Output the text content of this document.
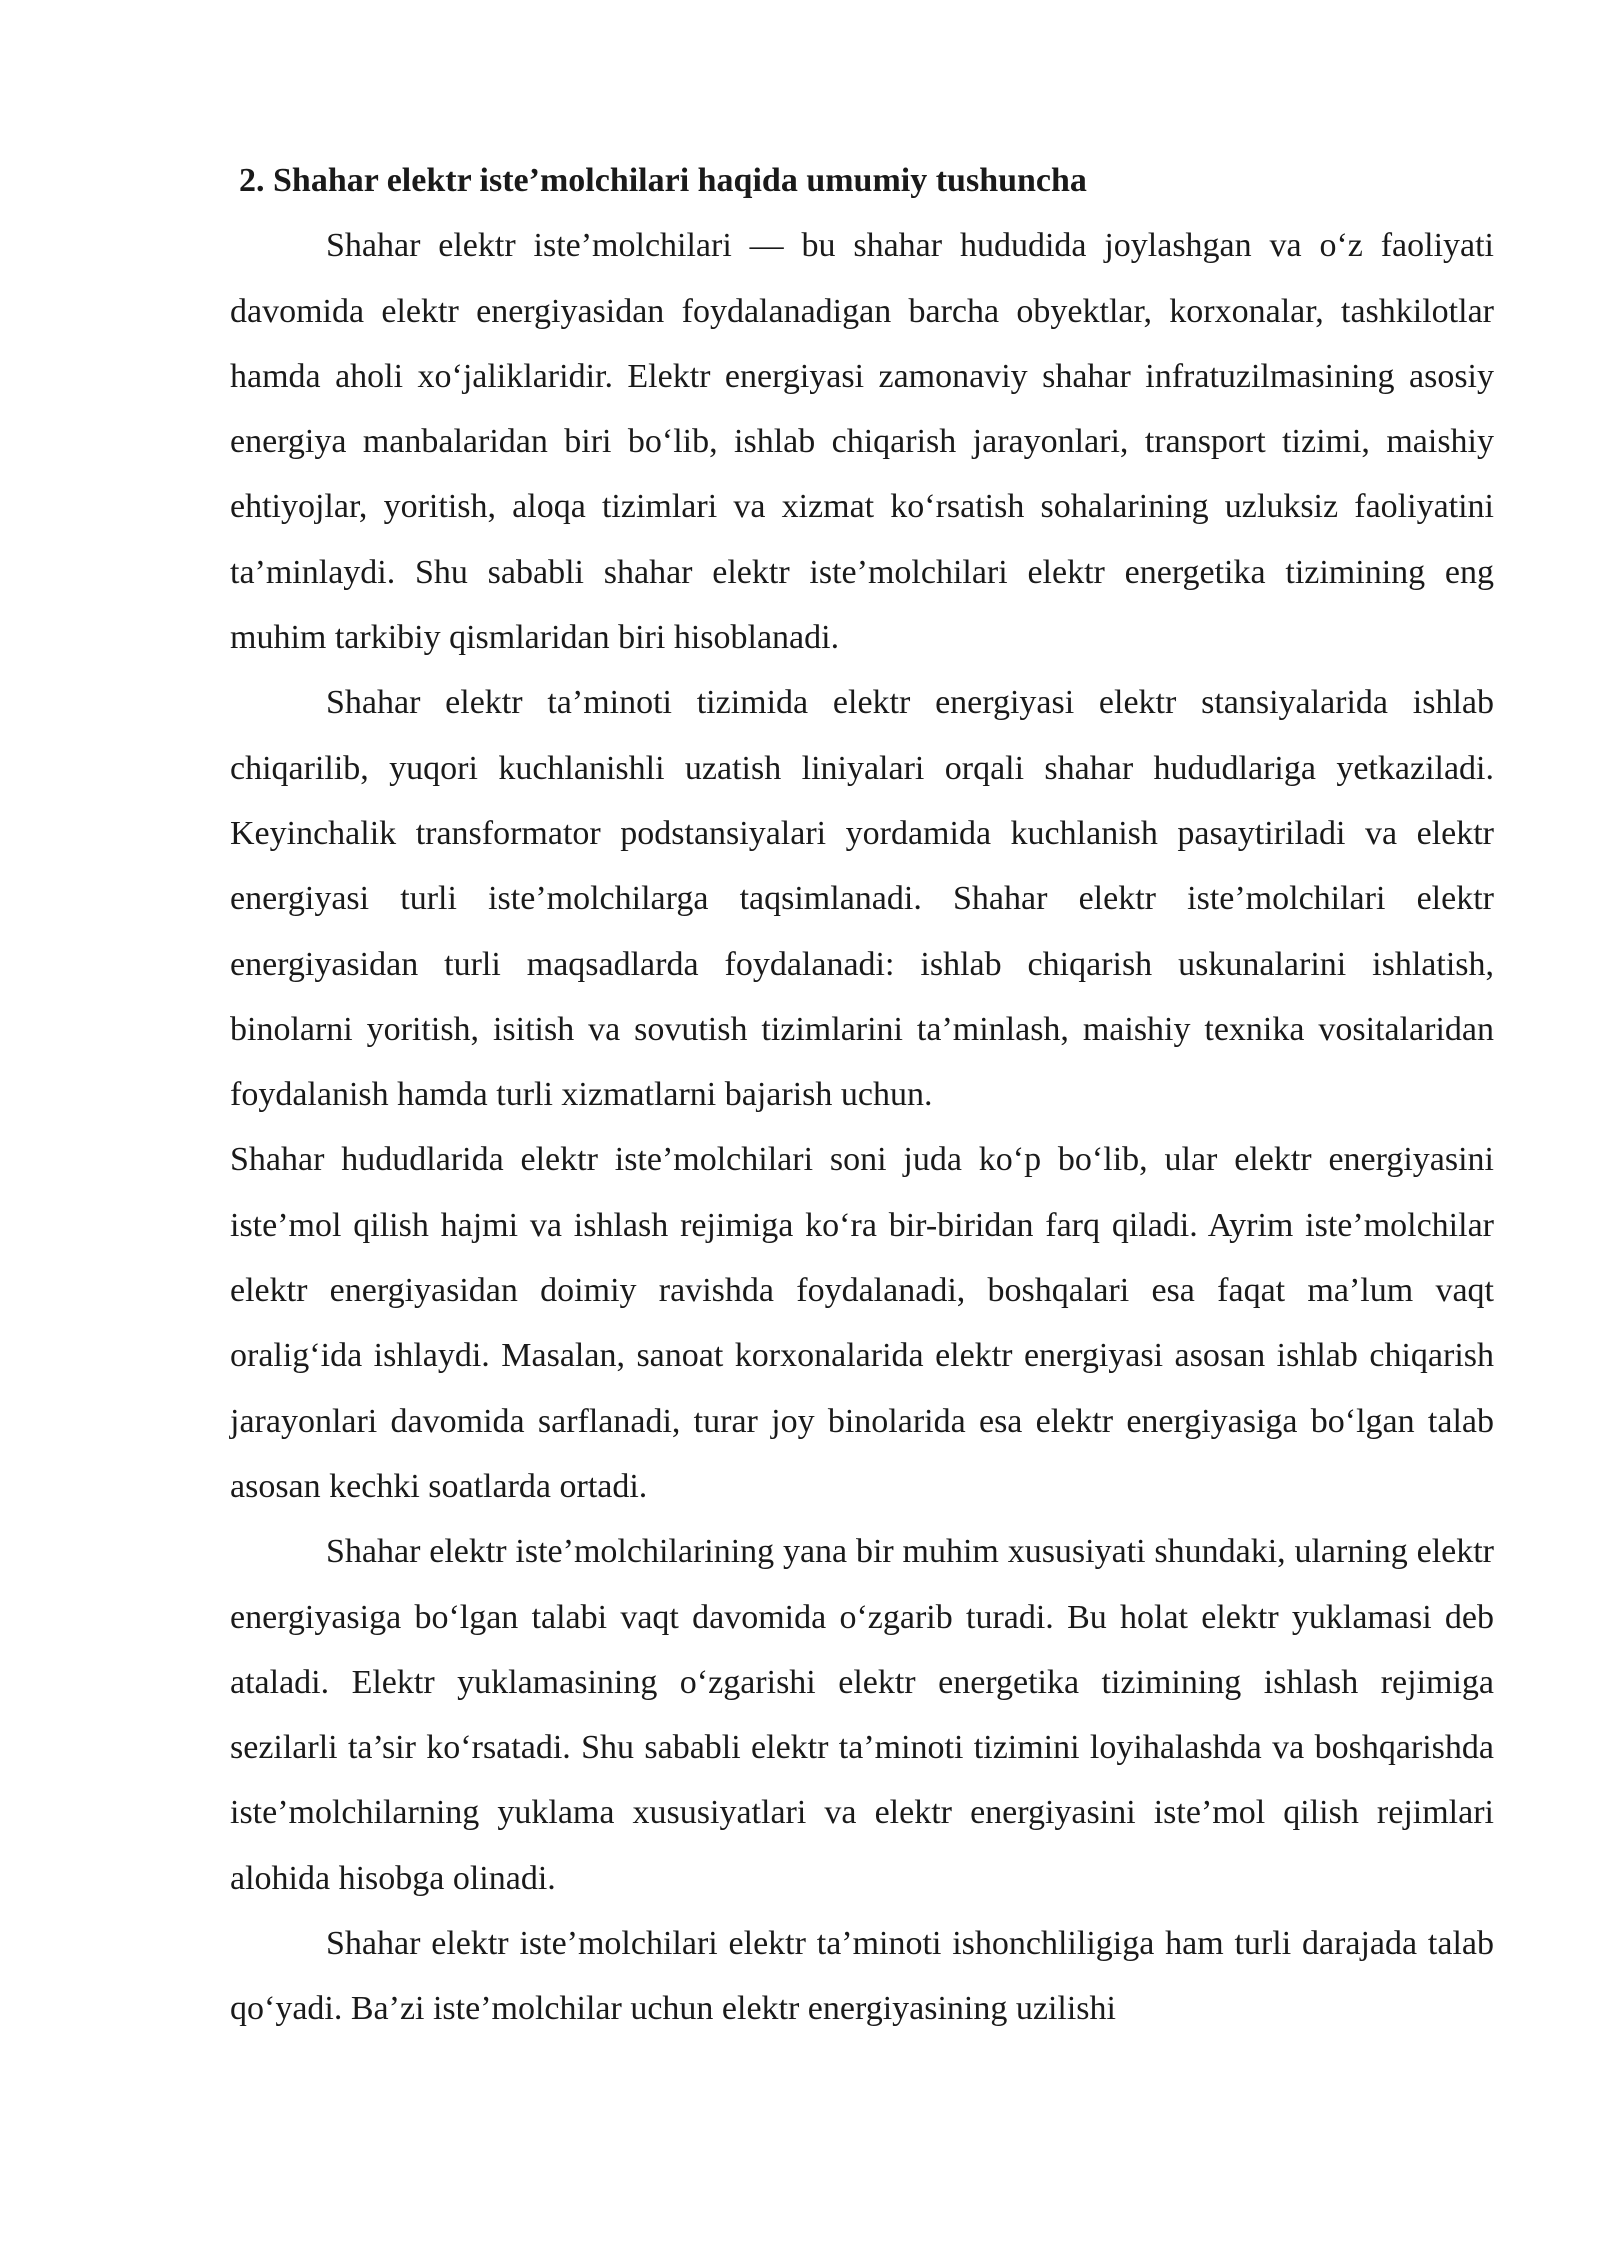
2. Shahar elektr iste’molchilari haqida umumiy tushuncha

Shahar elektr iste’molchilari — bu shahar hududida joylashgan va o‘z faoliyati davomida elektr energiyasidan foydalanadigan barcha obyektlar, korxonalar, tashkilotlar hamda aholi xo‘jaliklaridir. Elektr energiyasi zamonaviy shahar infratuzilmasining asosiy energiya manbalaridan biri bo‘lib, ishlab chiqarish jarayonlari, transport tizimi, maishiy ehtiyojlar, yoritish, aloqa tizimlari va xizmat ko‘rsatish sohalarining uzluksiz faoliyatini ta’minlaydi. Shu sababli shahar elektr iste’molchilari elektr energetika tizimining eng muhim tarkibiy qismlaridan biri hisoblanadi.

Shahar elektr ta’minoti tizimida elektr energiyasi elektr stansiyalarida ishlab chiqarilib, yuqori kuchlanishli uzatish liniyalari orqali shahar hududlariga yetkaziladi. Keyinchalik transformator podstansiyalari yordamida kuchlanish pasaytiriladi va elektr energiyasi turli iste’molchilarga taqsimlanadi. Shahar elektr iste’molchilari elektr energiyasidan turli maqsadlarda foydalanadi: ishlab chiqarish uskunalarini ishlatish, binolarni yoritish, isitish va sovutish tizimlarini ta’minlash, maishiy texnika vositalaridan foydalanish hamda turli xizmatlarni bajarish uchun.

Shahar hududlarida elektr iste’molchilari soni juda ko‘p bo‘lib, ular elektr energiyasini iste’mol qilish hajmi va ishlash rejimiga ko‘ra bir-biridan farq qiladi. Ayrim iste’molchilar elektr energiyasidan doimiy ravishda foydalanadi, boshqalari esa faqat ma’lum vaqt oralig‘ida ishlaydi. Masalan, sanoat korxonalarida elektr energiyasi asosan ishlab chiqarish jarayonlari davomida sarflanadi, turar joy binolarida esa elektr energiyasiga bo‘lgan talab asosan kechki soatlarda ortadi.

Shahar elektr iste’molchilarining yana bir muhim xususiyati shundaki, ularning elektr energiyasiga bo‘lgan talabi vaqt davomida o‘zgarib turadi. Bu holat elektr yuklamasi deb ataladi. Elektr yuklamasining o‘zgarishi elektr energetika tizimining ishlash rejimiga sezilarli ta’sir ko‘rsatadi. Shu sababli elektr ta’minoti tizimini loyihalashda va boshqarishda iste’molchilarning yuklama xususiyatlari va elektr energiyasini iste’mol qilish rejimlari alohida hisobga olinadi.

Shahar elektr iste’molchilari elektr ta’minoti ishonchliligiga ham turli darajada talab qo‘yadi. Ba’zi iste’molchilar uchun elektr energiyasining uzilishi
